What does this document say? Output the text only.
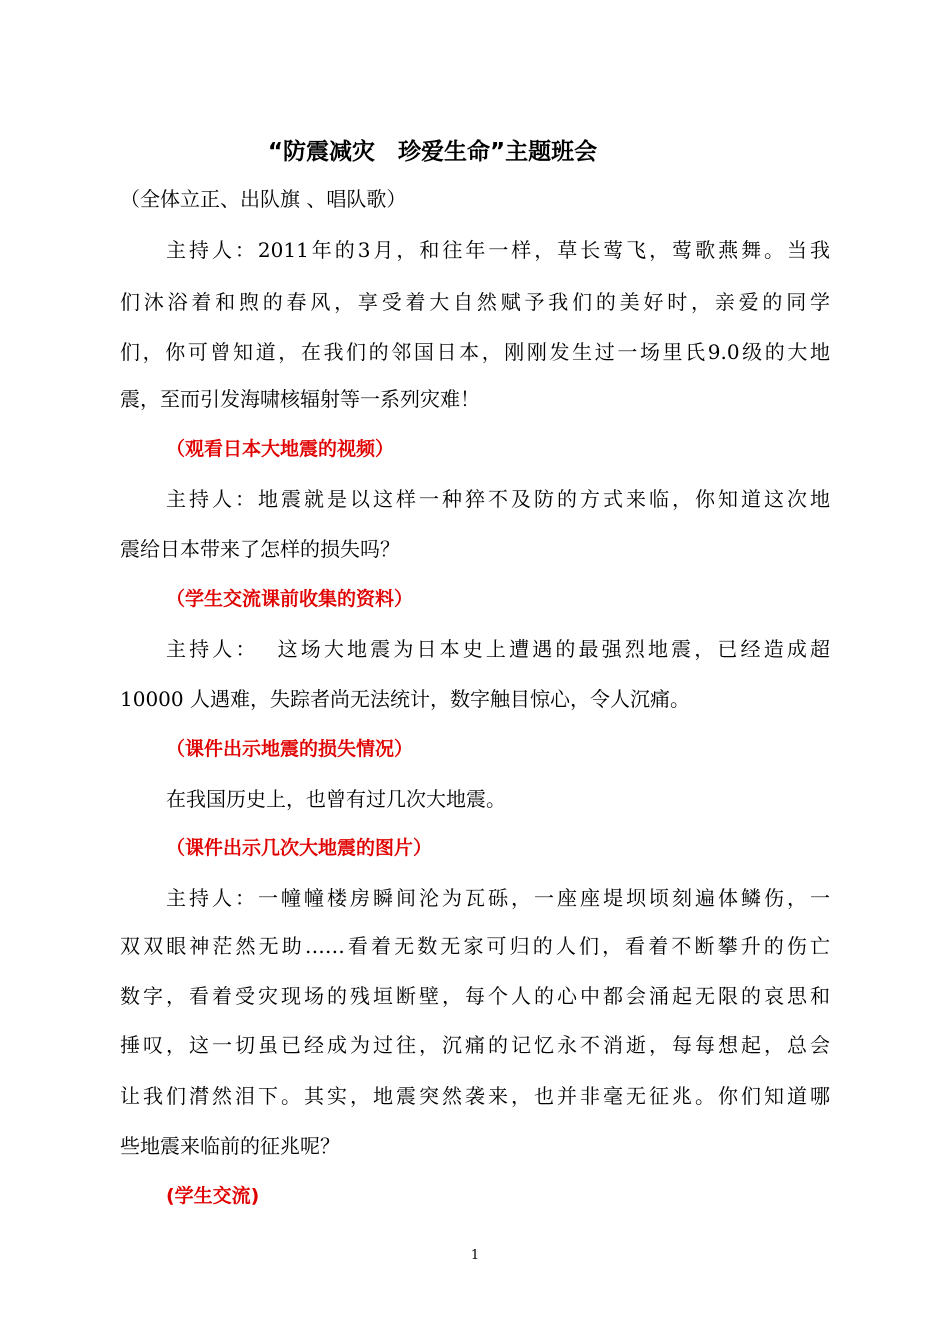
“防震减灾　珍爱生命”主题班会
（全体立正、出队旗 、唱队歌）
主持人：2011年的3月，和往年一样，草长莺飞，莺歌燕舞。当我
们沐浴着和煦的春风，享受着大自然赋予我们的美好时，亲爱的同学
们，你可曾知道，在我们的邻国日本，刚刚发生过一场里氏9.0级的大地
震，至而引发海啸核辐射等一系列灾难！
（观看日本大地震的视频）
主持人：地震就是以这样一种猝不及防的方式来临，你知道这次地
震给日本带来了怎样的损失吗？
（学生交流课前收集的资料）
主持人：  这场大地震为日本史上遭遇的最强烈地震，已经造成超
10000 人遇难，失踪者尚无法统计，数字触目惊心，令人沉痛。
（课件出示地震的损失情况）
在我国历史上，也曾有过几次大地震。
（课件出示几次大地震的图片）
主持人：一幢幢楼房瞬间沦为瓦砾，一座座堤坝顷刻遍体鳞伤，一
双双眼神茫然无助……看着无数无家可归的人们，看着不断攀升的伤亡
数字，看着受灾现场的残垣断壁，每个人的心中都会涌起无限的哀思和
捶叹，这一切虽已经成为过往，沉痛的记忆永不消逝，每每想起，总会
让我们潸然泪下。其实，地震突然袭来，也并非毫无征兆。你们知道哪
些地震来临前的征兆呢？
(学生交流)
1
